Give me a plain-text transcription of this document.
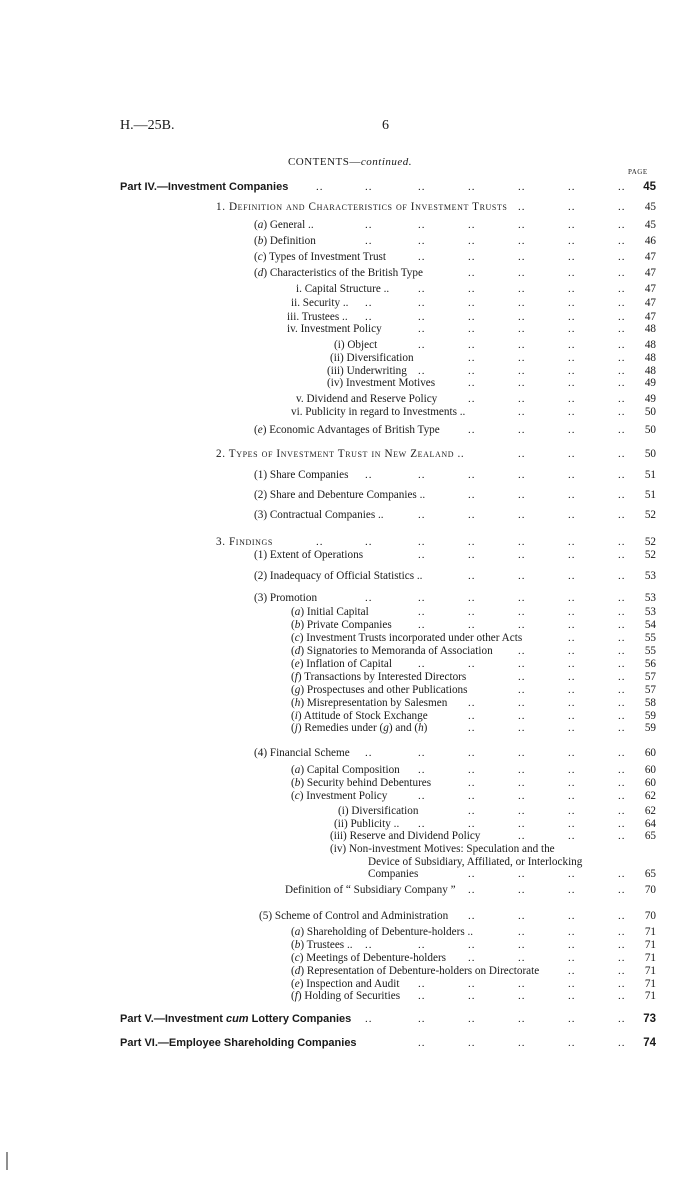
H.—25B.	6
CONTENTS—continued.
PAGE
..	..	..	..	..	..	..
Part IV.—Investment Companies	45
..	..	..
1. Definition and Characteristics of Investment Trusts	45
..	..	..	..	..	..
(a) General ..	45
..	..	..	..	..	..
(b) Definition	46
..	..	..	..	..
(c) Types of Investment Trust	47
..	..	..	..
(d) Characteristics of the British Type	47
..	..	..	..	..
i. Capital Structure ..	47
..	..	..	..	..	..
ii. Security ..	47
..	..	..	..	..	..
iii. Trustees ..	47
..	..	..	..	..
iv. Investment Policy	48
..	..	..	..	..
(i) Object	48
..	..	..	..
(ii) Diversification	48
..	..	..	..	..
(iii) Underwriting	48
..	..	..	..
(iv) Investment Motives	49
..	..	..	..
v. Dividend and Reserve Policy	49
..	..	..
vi. Publicity in regard to Investments ..	50
..	..	..	..
(e) Economic Advantages of British Type	50
..	..	..
2. Types of Investment Trust in New Zealand ..	50
..	..	..	..	..	..
(1) Share Companies	51
..	..	..	..
(2) Share and Debenture Companies ..	51
..	..	..	..	..
(3) Contractual Companies ..	52
..	..	..	..	..	..	..
3. Findings	52
..	..	..	..	..
(1) Extent of Operations	52
..	..	..	..
(2) Inadequacy of Official Statistics ..	53
..	..	..	..	..	..
(3) Promotion	53
..	..	..	..	..
(a) Initial Capital	53
..	..	..	..	..
(b) Private Companies	54
..	..
(c) Investment Trusts incorporated under other Acts	55
..	..	..
(d) Signatories to Memoranda of Association	55
..	..	..	..	..
(e) Inflation of Capital	56
..	..	..
(f) Transactions by Interested Directors	57
..	..	..
(g) Prospectuses and other Publications	57
..	..	..	..
(h) Misrepresentation by Salesmen	58
..	..	..	..
(i) Attitude of Stock Exchange	59
..	..	..	..
(j) Remedies under (g) and (h)	59
..	..	..	..	..	..
(4) Financial Scheme	60
..	..	..	..	..
(a) Capital Composition	60
..	..	..	..
(b) Security behind Debentures	60
..	..	..	..	..
(c) Investment Policy	62
..	..	..	..
(i) Diversification	62
..	..	..	..	..
(ii) Publicity ..	64
..	..	..
(iii) Reserve and Dividend Policy	65
(iv) Non-investment Motives: Speculation and the
Device of Subsidiary, Affiliated, or Interlocking
..	..	..	..
Companies	65
..	..	..	..
Definition of “ Subsidiary Company ”	70
..	..	..	..
(5) Scheme of Control and Administration	70
..	..	..
(a) Shareholding of Debenture-holders ..	71
..	..	..	..	..	..
(b) Trustees ..	71
..	..	..	..
(c) Meetings of Debenture-holders	71
..	..
(d) Representation of Debenture-holders on Directorate	71
..	..	..	..	..
(e) Inspection and Audit	71
..	..	..	..	..
(f) Holding of Securities	71
..	..	..	..	..	..
Part V.—Investment cum Lottery Companies	73
..	..	..	..	..
Part VI.—Employee Shareholding Companies	74
